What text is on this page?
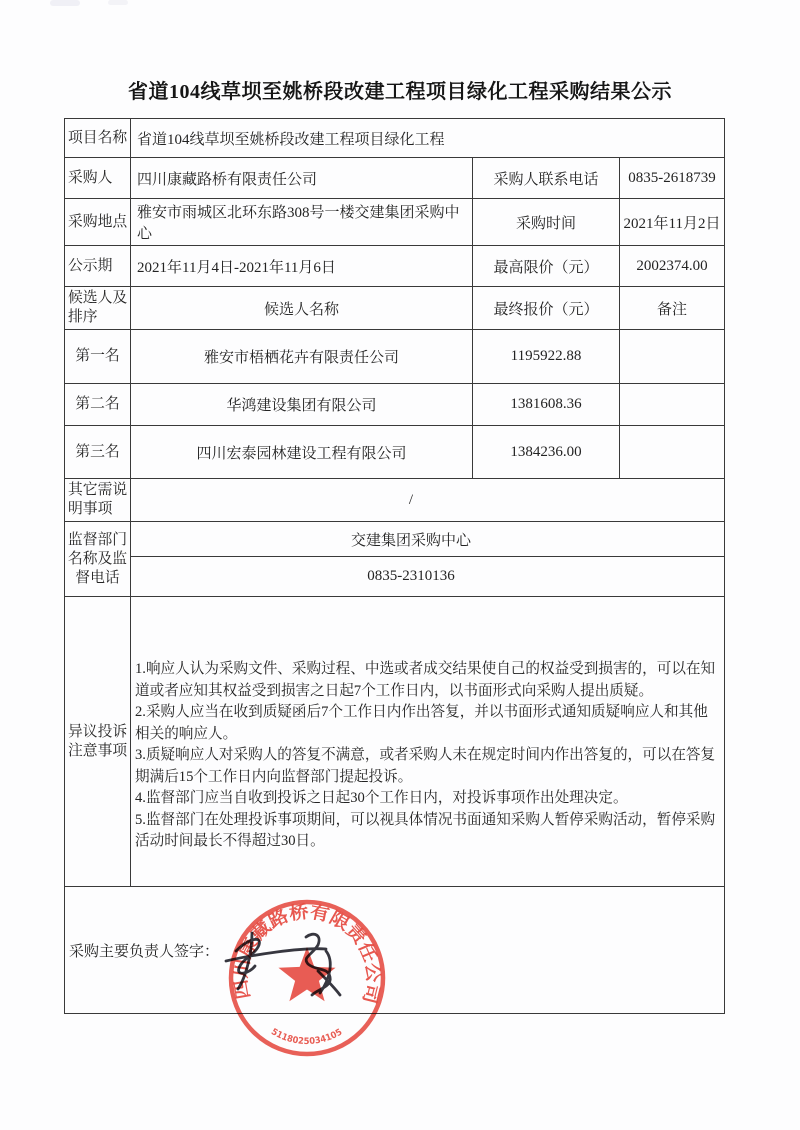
省道104线草坝至姚桥段改建工程项目绿化工程采购结果公示
项目名称	省道104线草坝至姚桥段改建工程项目绿化工程		
采购人	四川康藏路桥有限责任公司	采购人联系电话	0835-2618739
采购地点	雅安市雨城区北环东路308号一楼交建集团采购中心	采购时间	2021年11月2日
公示期	2021年11月4日-2021年11月6日	最高限价（元）	2002374.00
候选人及排序	候选人名称	最终报价（元）	备注
第一名	雅安市梧栖花卉有限责任公司	1195922.88	
第二名	华鸿建设集团有限公司	1381608.36	
第三名	四川宏泰园林建设工程有限公司	1384236.00	
其它需说明事项	/		
监督部门名称及监督电话	交建集团采购中心		
	0835-2310136		
异议投诉注意事项	1.响应人认为采购文件、采购过程、中选或者成交结果使自己的权益受到损害的，可以在知道或者应知其权益受到损害之日起7个工作日内，以书面形式向采购人提出质疑。
2.采购人应当在收到质疑函后7个工作日内作出答复，并以书面形式通知质疑响应人和其他相关的响应人。
3.质疑响应人对采购人的答复不满意，或者采购人未在规定时间内作出答复的，可以在答复期满后15个工作日内向监督部门提起投诉。
4.监督部门应当自收到投诉之日起30个工作日内，对投诉事项作出处理决定。
5.监督部门在处理投诉事项期间，可以视具体情况书面通知采购人暂停采购活动，暂停采购活动时间最长不得超过30日。		

采购主要负责人签字：			
四川康藏路桥有限责任公司
5118025034105
